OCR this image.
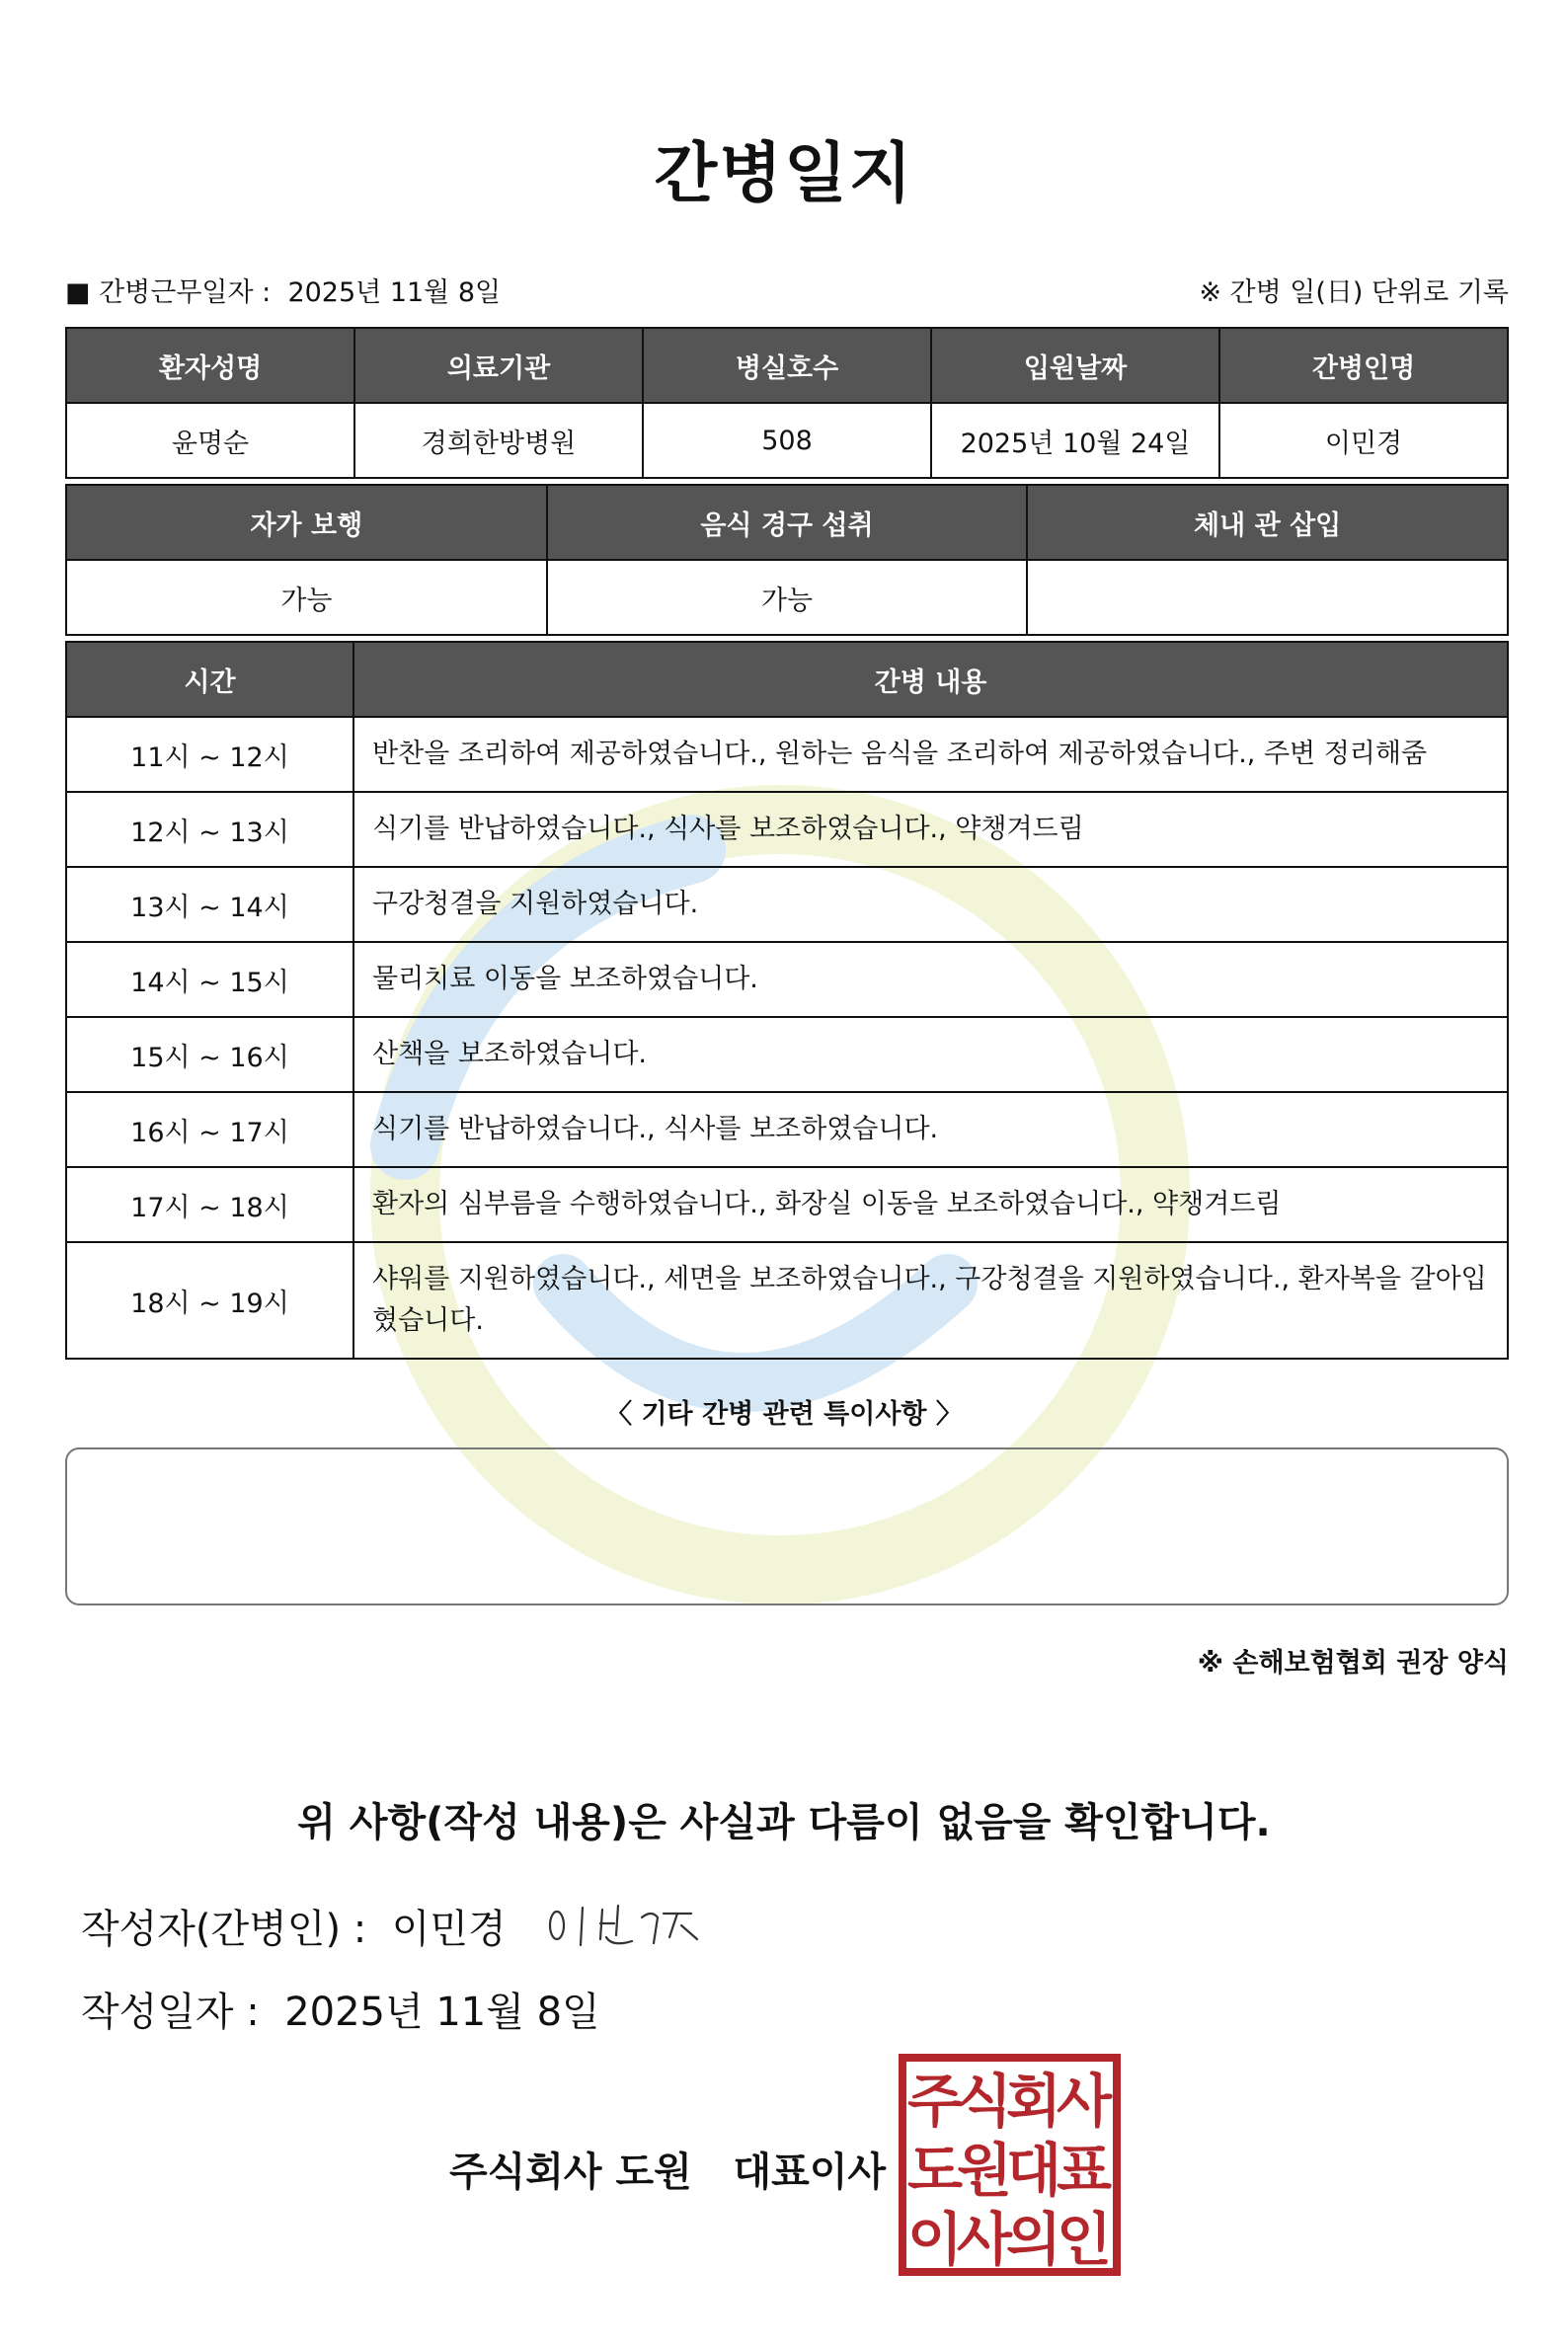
간병일지
■ 간병근무일자 : 2025년 11월 8일	※ 간병 일(日) 단위로 기록
환자성명	의료기관	병실호수	입원날짜	간병인명
윤명순	경희한방병원	508	2025년 10월 24일	이민경
자가 보행	음식 경구 섭취	체내 관 삽입
가능	가능	
시간	간병 내용
11시 ~ 12시	반찬을 조리하여 제공하였습니다., 원하는 음식을 조리하여 제공하였습니다., 주변 정리해줌
12시 ~ 13시	식기를 반납하였습니다., 식사를 보조하였습니다., 약챙겨드림
13시 ~ 14시	구강청결을 지원하였습니다.
14시 ~ 15시	물리치료 이동을 보조하였습니다.
15시 ~ 16시	산책을 보조하였습니다.
16시 ~ 17시	식기를 반납하였습니다., 식사를 보조하였습니다.
17시 ~ 18시	환자의 심부름을 수행하였습니다., 화장실 이동을 보조하였습니다., 약챙겨드림
18시 ~ 19시	샤워를 지원하였습니다., 세면을 보조하였습니다., 구강청결을 지원하였습니다., 환자복을 갈아입혔습니다.
〈 기타 간병 관련 특이사항 〉
※ 손해보험협회 권장 양식
위 사항(작성 내용)은 사실과 다름이 없음을 확인합니다.
작성자(간병인) : 이민경
작성일자 : 2025년 11월 8일
주식회사 도원 대표이사
주
식
회
사
도
원
대
표
이
사
의
인
